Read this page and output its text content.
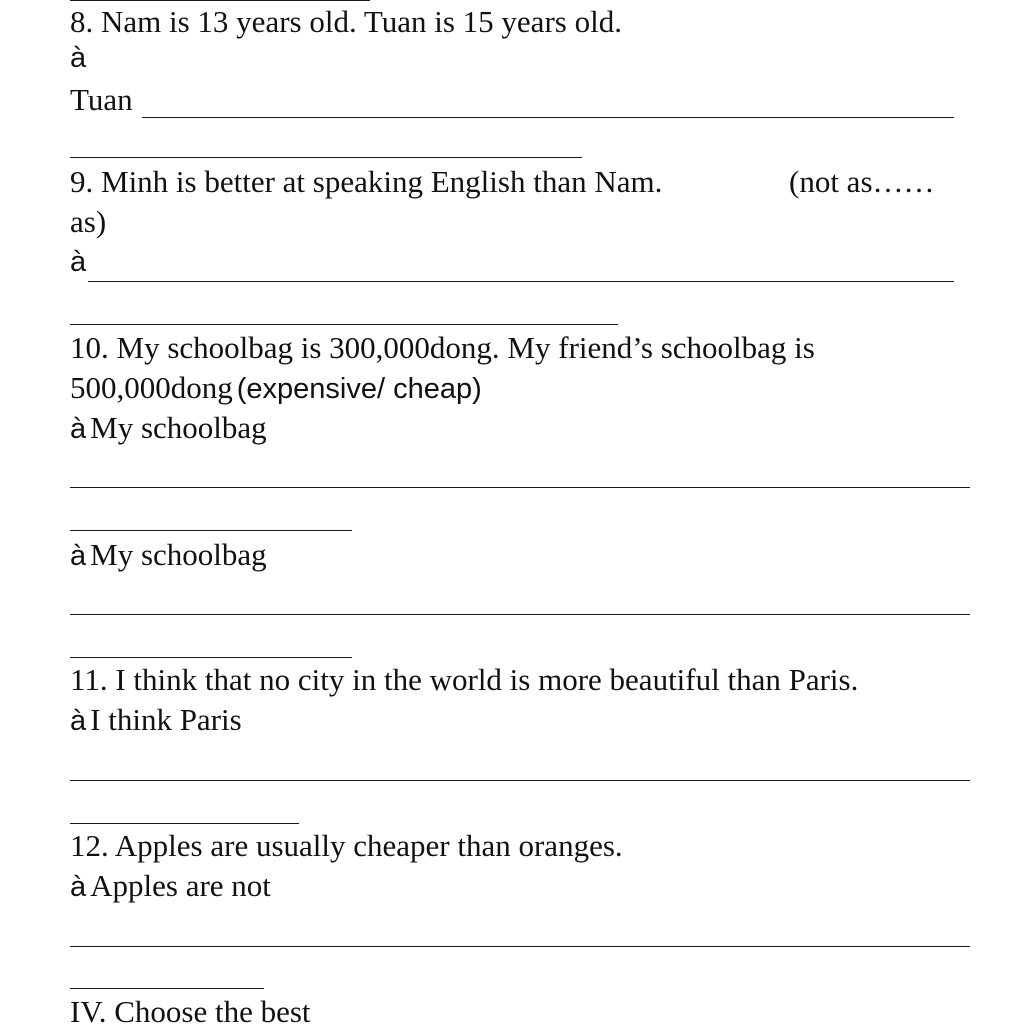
8. Nam is 13 years old. Tuan is 15 years old.
à
Tuan
9. Minh is better at speaking English than Nam.	(not as……
as)
à
10. My schoolbag is 300,000dong. My friend’s schoolbag is
500,000dong (expensive/ cheap)
à My schoolbag
à My schoolbag
11. I think that no city in the world is more beautiful than Paris.
à I think Paris
12. Apples are usually cheaper than oranges.
à Apples are not
IV. Choose the best
